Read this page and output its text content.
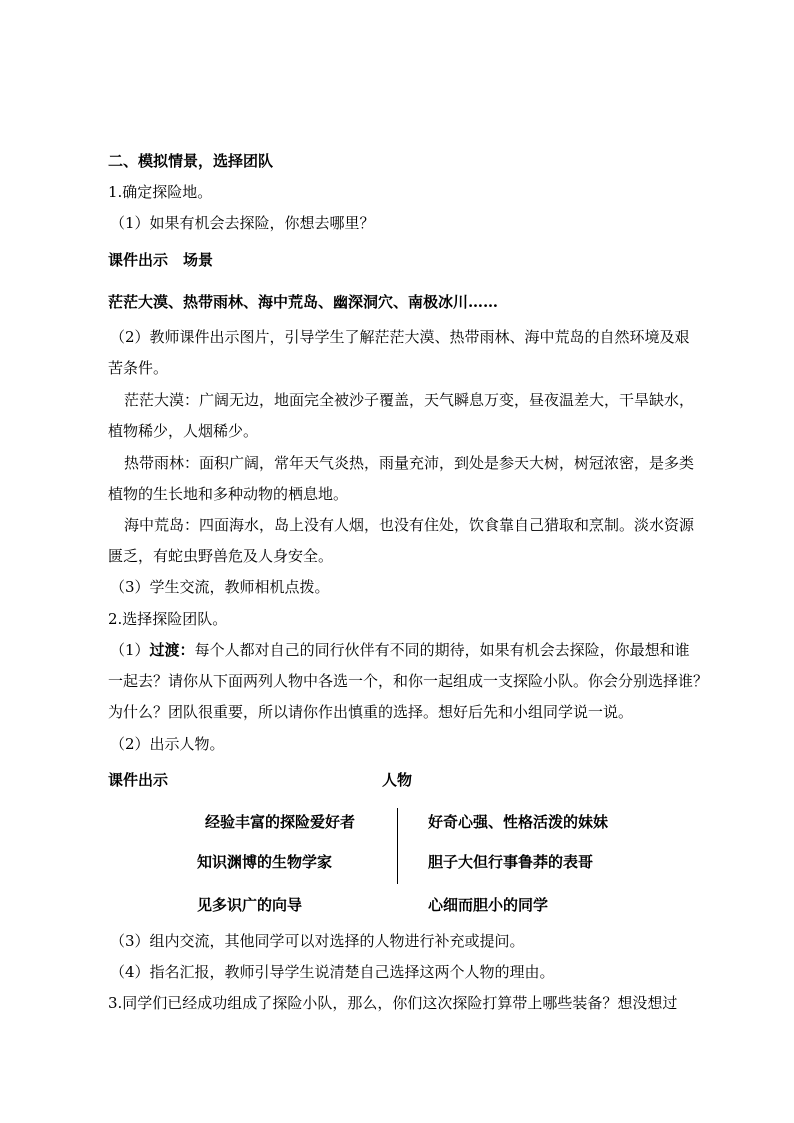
二、模拟情景，选择团队
1.确定探险地。
（1）如果有机会去探险，你想去哪里？
课件出示　场景
茫茫大漠、热带雨林、海中荒岛、幽深洞穴、南极冰川……
（2）教师课件出示图片，引导学生了解茫茫大漠、热带雨林、海中荒岛的自然环境及艰
苦条件。
茫茫大漠：广阔无边，地面完全被沙子覆盖，天气瞬息万变，昼夜温差大，干旱缺水，
植物稀少，人烟稀少。
热带雨林：面积广阔，常年天气炎热，雨量充沛，到处是参天大树，树冠浓密，是多类
植物的生长地和多种动物的栖息地。
海中荒岛：四面海水，岛上没有人烟，也没有住处，饮食靠自己猎取和烹制。淡水资源
匮乏，有蛇虫野兽危及人身安全。
（3）学生交流，教师相机点拨。
2.选择探险团队。
（1）过渡：每个人都对自己的同行伙伴有不同的期待，如果有机会去探险，你最想和谁
一起去？请你从下面两列人物中各选一个，和你一起组成一支探险小队。你会分别选择谁？
为什么？团队很重要，所以请你作出慎重的选择。想好后先和小组同学说一说。
（2）出示人物。
课件出示	人物
经验丰富的探险爱好者
知识渊博的生物学家
见多识广的向导
好奇心强、性格活泼的妹妹
胆子大但行事鲁莽的表哥
心细而胆小的同学
（3）组内交流，其他同学可以对选择的人物进行补充或提问。
（4）指名汇报，教师引导学生说清楚自己选择这两个人物的理由。
3.同学们已经成功组成了探险小队，那么，你们这次探险打算带上哪些装备？想没想过
